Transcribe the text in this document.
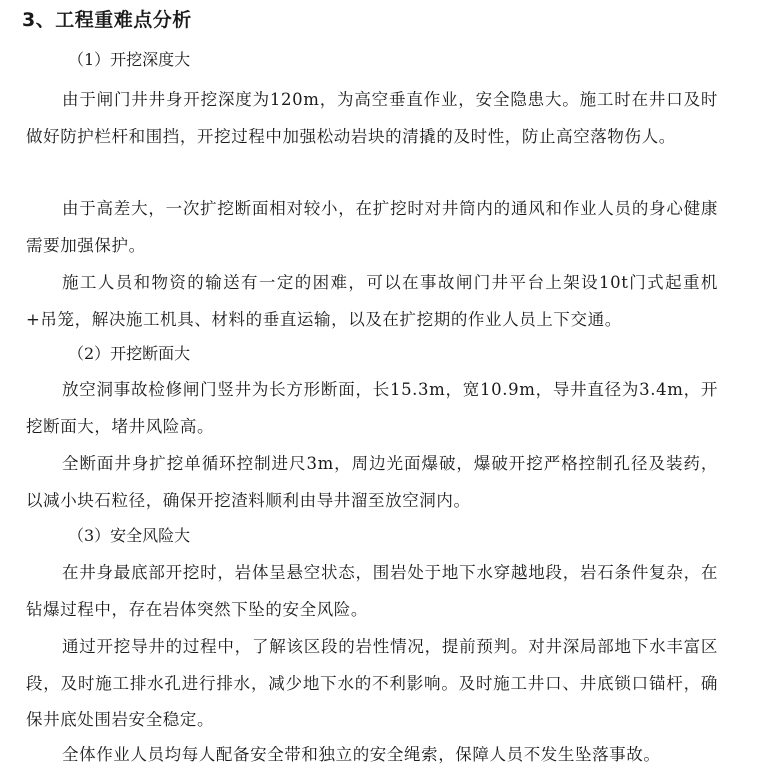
3、工程重难点分析
（1）开挖深度大
由于闸门井井身开挖深度为120m，为高空垂直作业，安全隐患大。施工时在井口及时做好防护栏杆和围挡，开挖过程中加强松动岩块的清撬的及时性，防止高空落物伤人。
由于高差大，一次扩挖断面相对较小，在扩挖时对井筒内的通风和作业人员的身心健康需要加强保护。
施工人员和物资的输送有一定的困难，可以在事故闸门井平台上架设10t门式起重机+吊笼，解决施工机具、材料的垂直运输，以及在扩挖期的作业人员上下交通。
（2）开挖断面大
放空洞事故检修闸门竖井为长方形断面，长15.3m，宽10.9m，导井直径为3.4m，开挖断面大，堵井风险高。
全断面井身扩挖单循环控制进尺3m，周边光面爆破，爆破开挖严格控制孔径及装药，以减小块石粒径，确保开挖渣料顺利由导井溜至放空洞内。
（3）安全风险大
在井身最底部开挖时，岩体呈悬空状态，围岩处于地下水穿越地段，岩石条件复杂，在钻爆过程中，存在岩体突然下坠的安全风险。
通过开挖导井的过程中，了解该区段的岩性情况，提前预判。对井深局部地下水丰富区段，及时施工排水孔进行排水，减少地下水的不利影响。及时施工井口、井底锁口锚杆，确保井底处围岩安全稳定。
全体作业人员均每人配备安全带和独立的安全绳索，保障人员不发生坠落事故。
